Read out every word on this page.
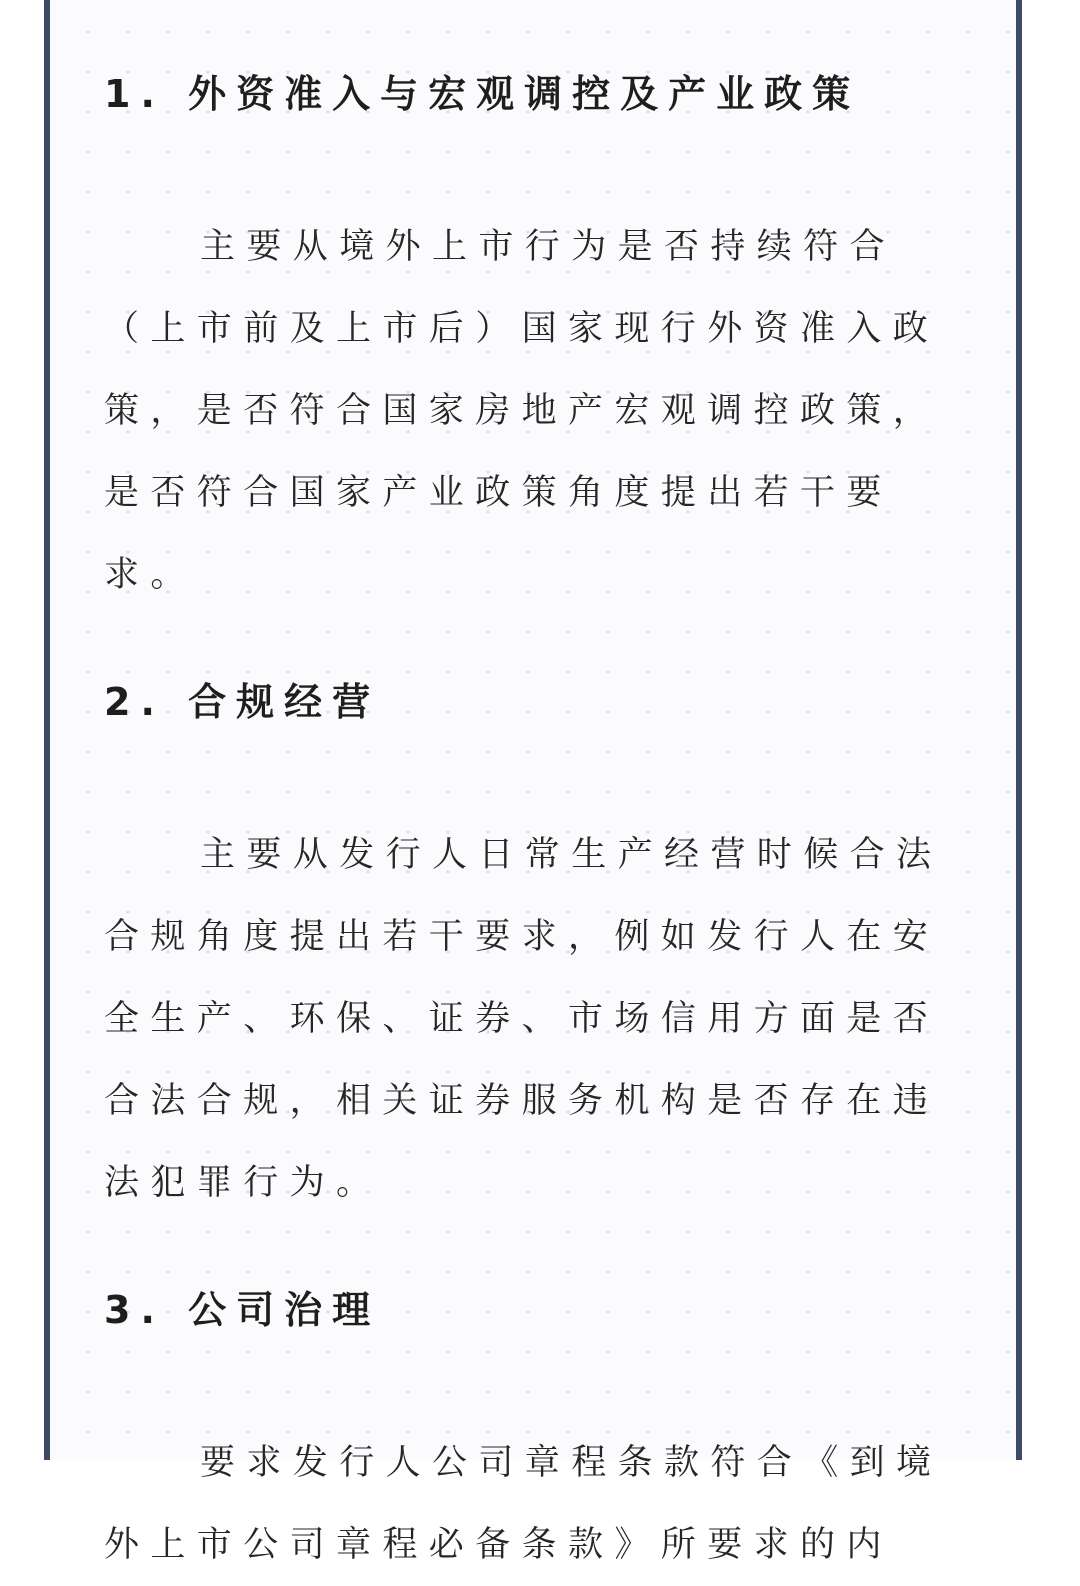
1. 外资准入与宏观调控及产业政策

主要从境外上市行为是否持续符合（上市前及上市后）国家现行外资准入政策，是否符合国家房地产宏观调控政策，是否符合国家产业政策角度提出若干要求。

2. 合规经营

主要从发行人日常生产经营时候合法合规角度提出若干要求，例如发行人在安全生产、环保、证券、市场信用方面是否合法合规，相关证券服务机构是否存在违法犯罪行为。

3. 公司治理

要求发行人公司章程条款符合《到境外上市公司章程必备条款》所要求的内
